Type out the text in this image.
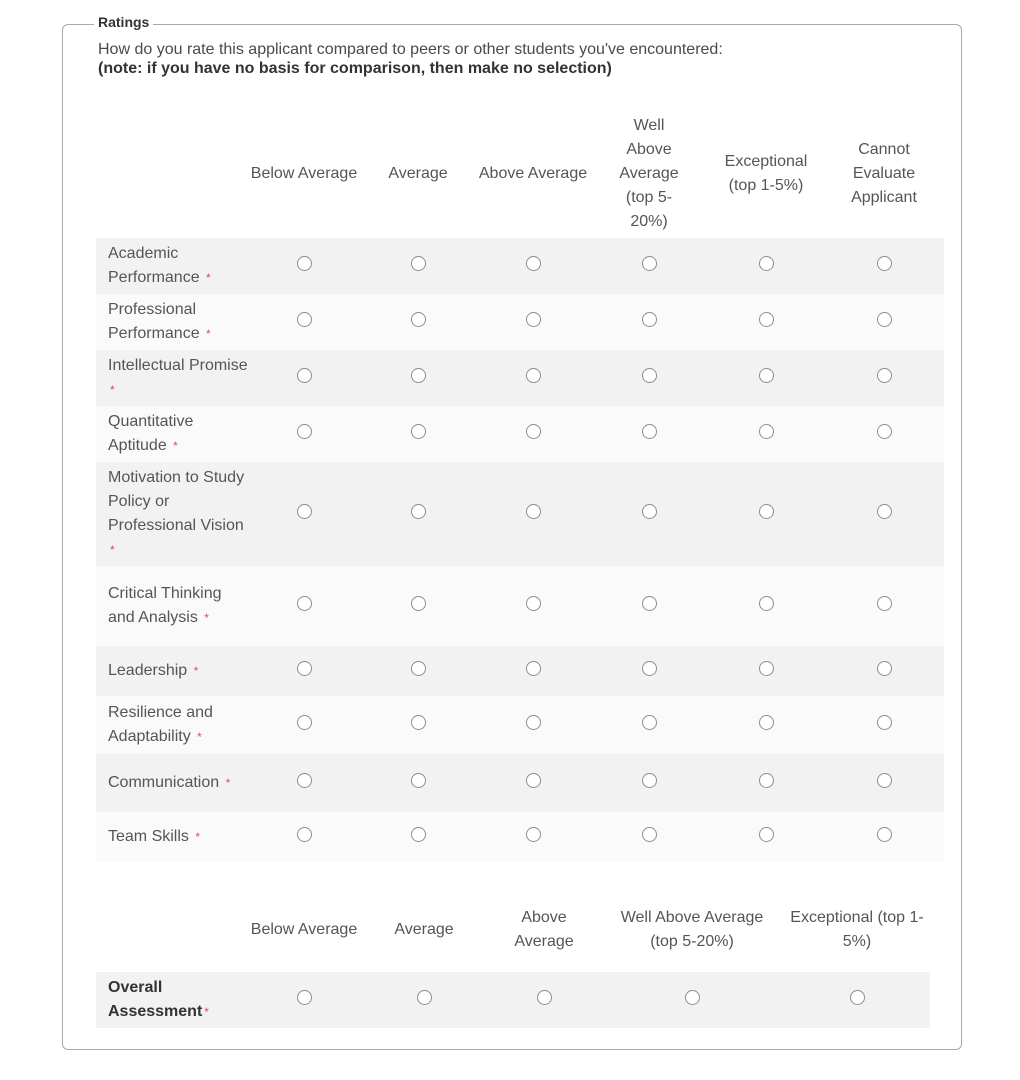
Ratings
How do you rate this applicant compared to peers or other students you've encountered:
(note: if you have no basis for comparison, then make no selection)
	Below Average	Average	Above Average	Well Above Average (top 5-20%)	Exceptional (top 1-5%)	Cannot Evaluate Applicant
Academic Performance *						
Professional Performance *						
Intellectual Promise *						
Quantitative Aptitude *						
Motivation to Study Policy or Professional Vision *						
Critical Thinking and Analysis *						
Leadership *						
Resilience and Adaptability *						
Communication *						
Team Skills *						
	Below Average	Average	Above Average	Well Above Average (top 5-20%)	Exceptional (top 1-5%)
Overall Assessment *					
